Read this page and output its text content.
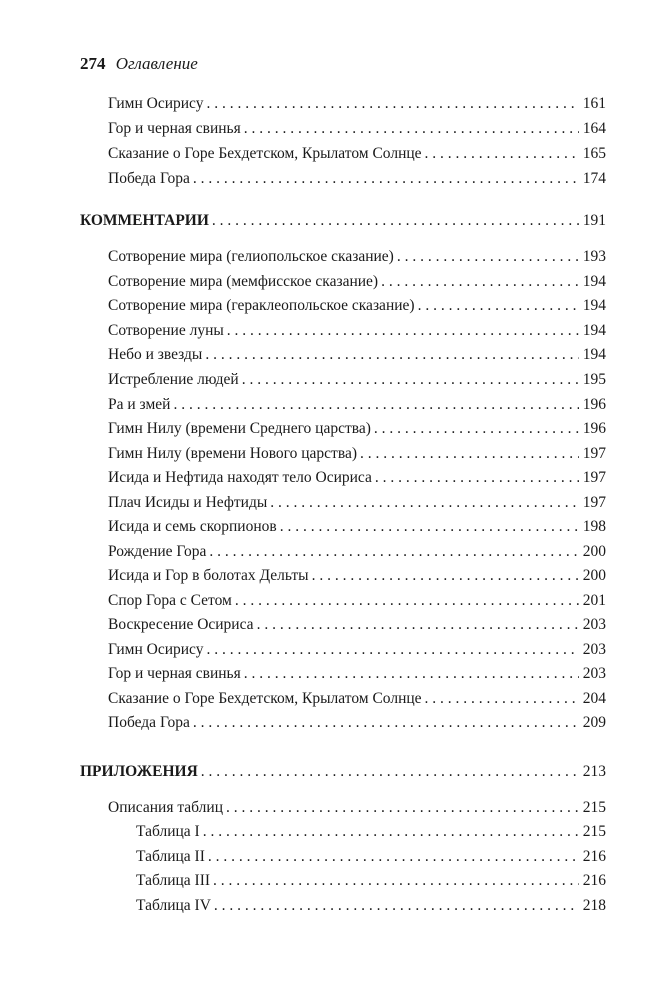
274 Оглавление
Гимн Осирису . . .	161
Гор и черная свинья . . .	164
Сказание о Горе Бехдетском, Крылатом Солнце . . .	165
Победа Гора . . .	174
КОММЕНТАРИИ . . .	191
Сотворение мира (гелиопольское сказание) . . .	193
Сотворение мира (мемфисское сказание) . . .	194
Сотворение мира (гераклеопольское сказание) . . .	194
Сотворение луны . . .	194
Небо и звезды . . .	194
Истребление людей . . .	195
Ра и змей . . .	196
Гимн Нилу (времени Среднего царства) . . .	196
Гимн Нилу (времени Нового царства) . . .	197
Исида и Нефтида находят тело Осириса . . .	197
Плач Исиды и Нефтиды . . .	197
Исида и семь скорпионов . . .	198
Рождение Гора . . .	200
Исида и Гор в болотах Дельты . . .	200
Спор Гора с Сетом . . .	201
Воскресение Осириса . . .	203
Гимн Осирису . . .	203
Гор и черная свинья . . .	203
Сказание о Горе Бехдетском, Крылатом Солнце . . .	204
Победа Гора . . .	209
ПРИЛОЖЕНИЯ . . .	213
Описания таблиц . . .	215
Таблица I . . .	215
Таблица II . . .	216
Таблица III . . .	216
Таблица IV . . .	218
